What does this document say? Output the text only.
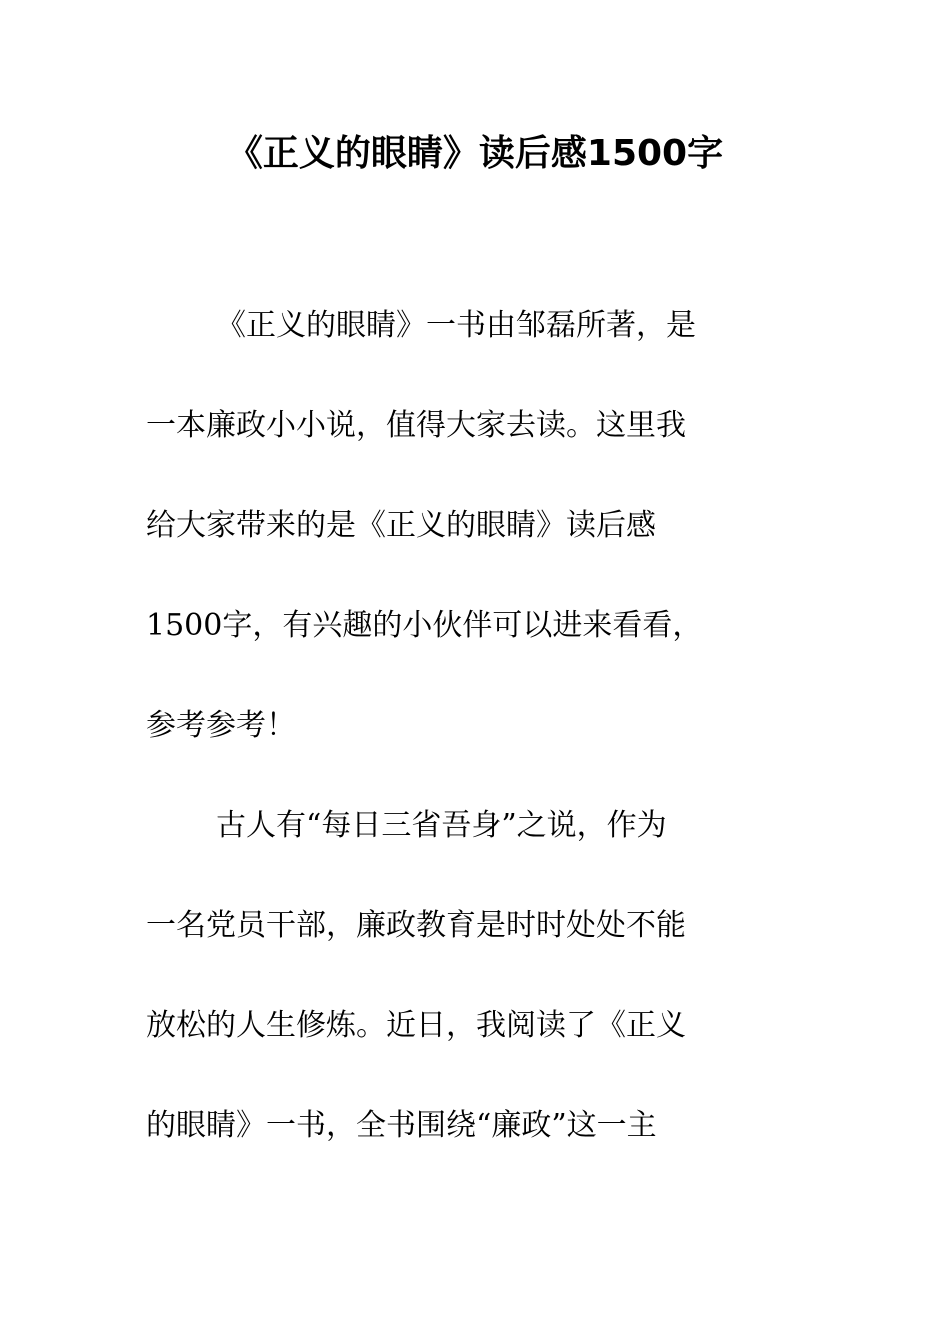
《正义的眼睛》读后感1500字
《正义的眼睛》一书由邹磊所著，是
一本廉政小小说，值得大家去读。这里我
给大家带来的是《正义的眼睛》读后感
1500字，有兴趣的小伙伴可以进来看看，
参考参考！
古人有“每日三省吾身”之说，作为
一名党员干部，廉政教育是时时处处不能
放松的人生修炼。近日，我阅读了《正义
的眼睛》一书，全书围绕“廉政”这一主
